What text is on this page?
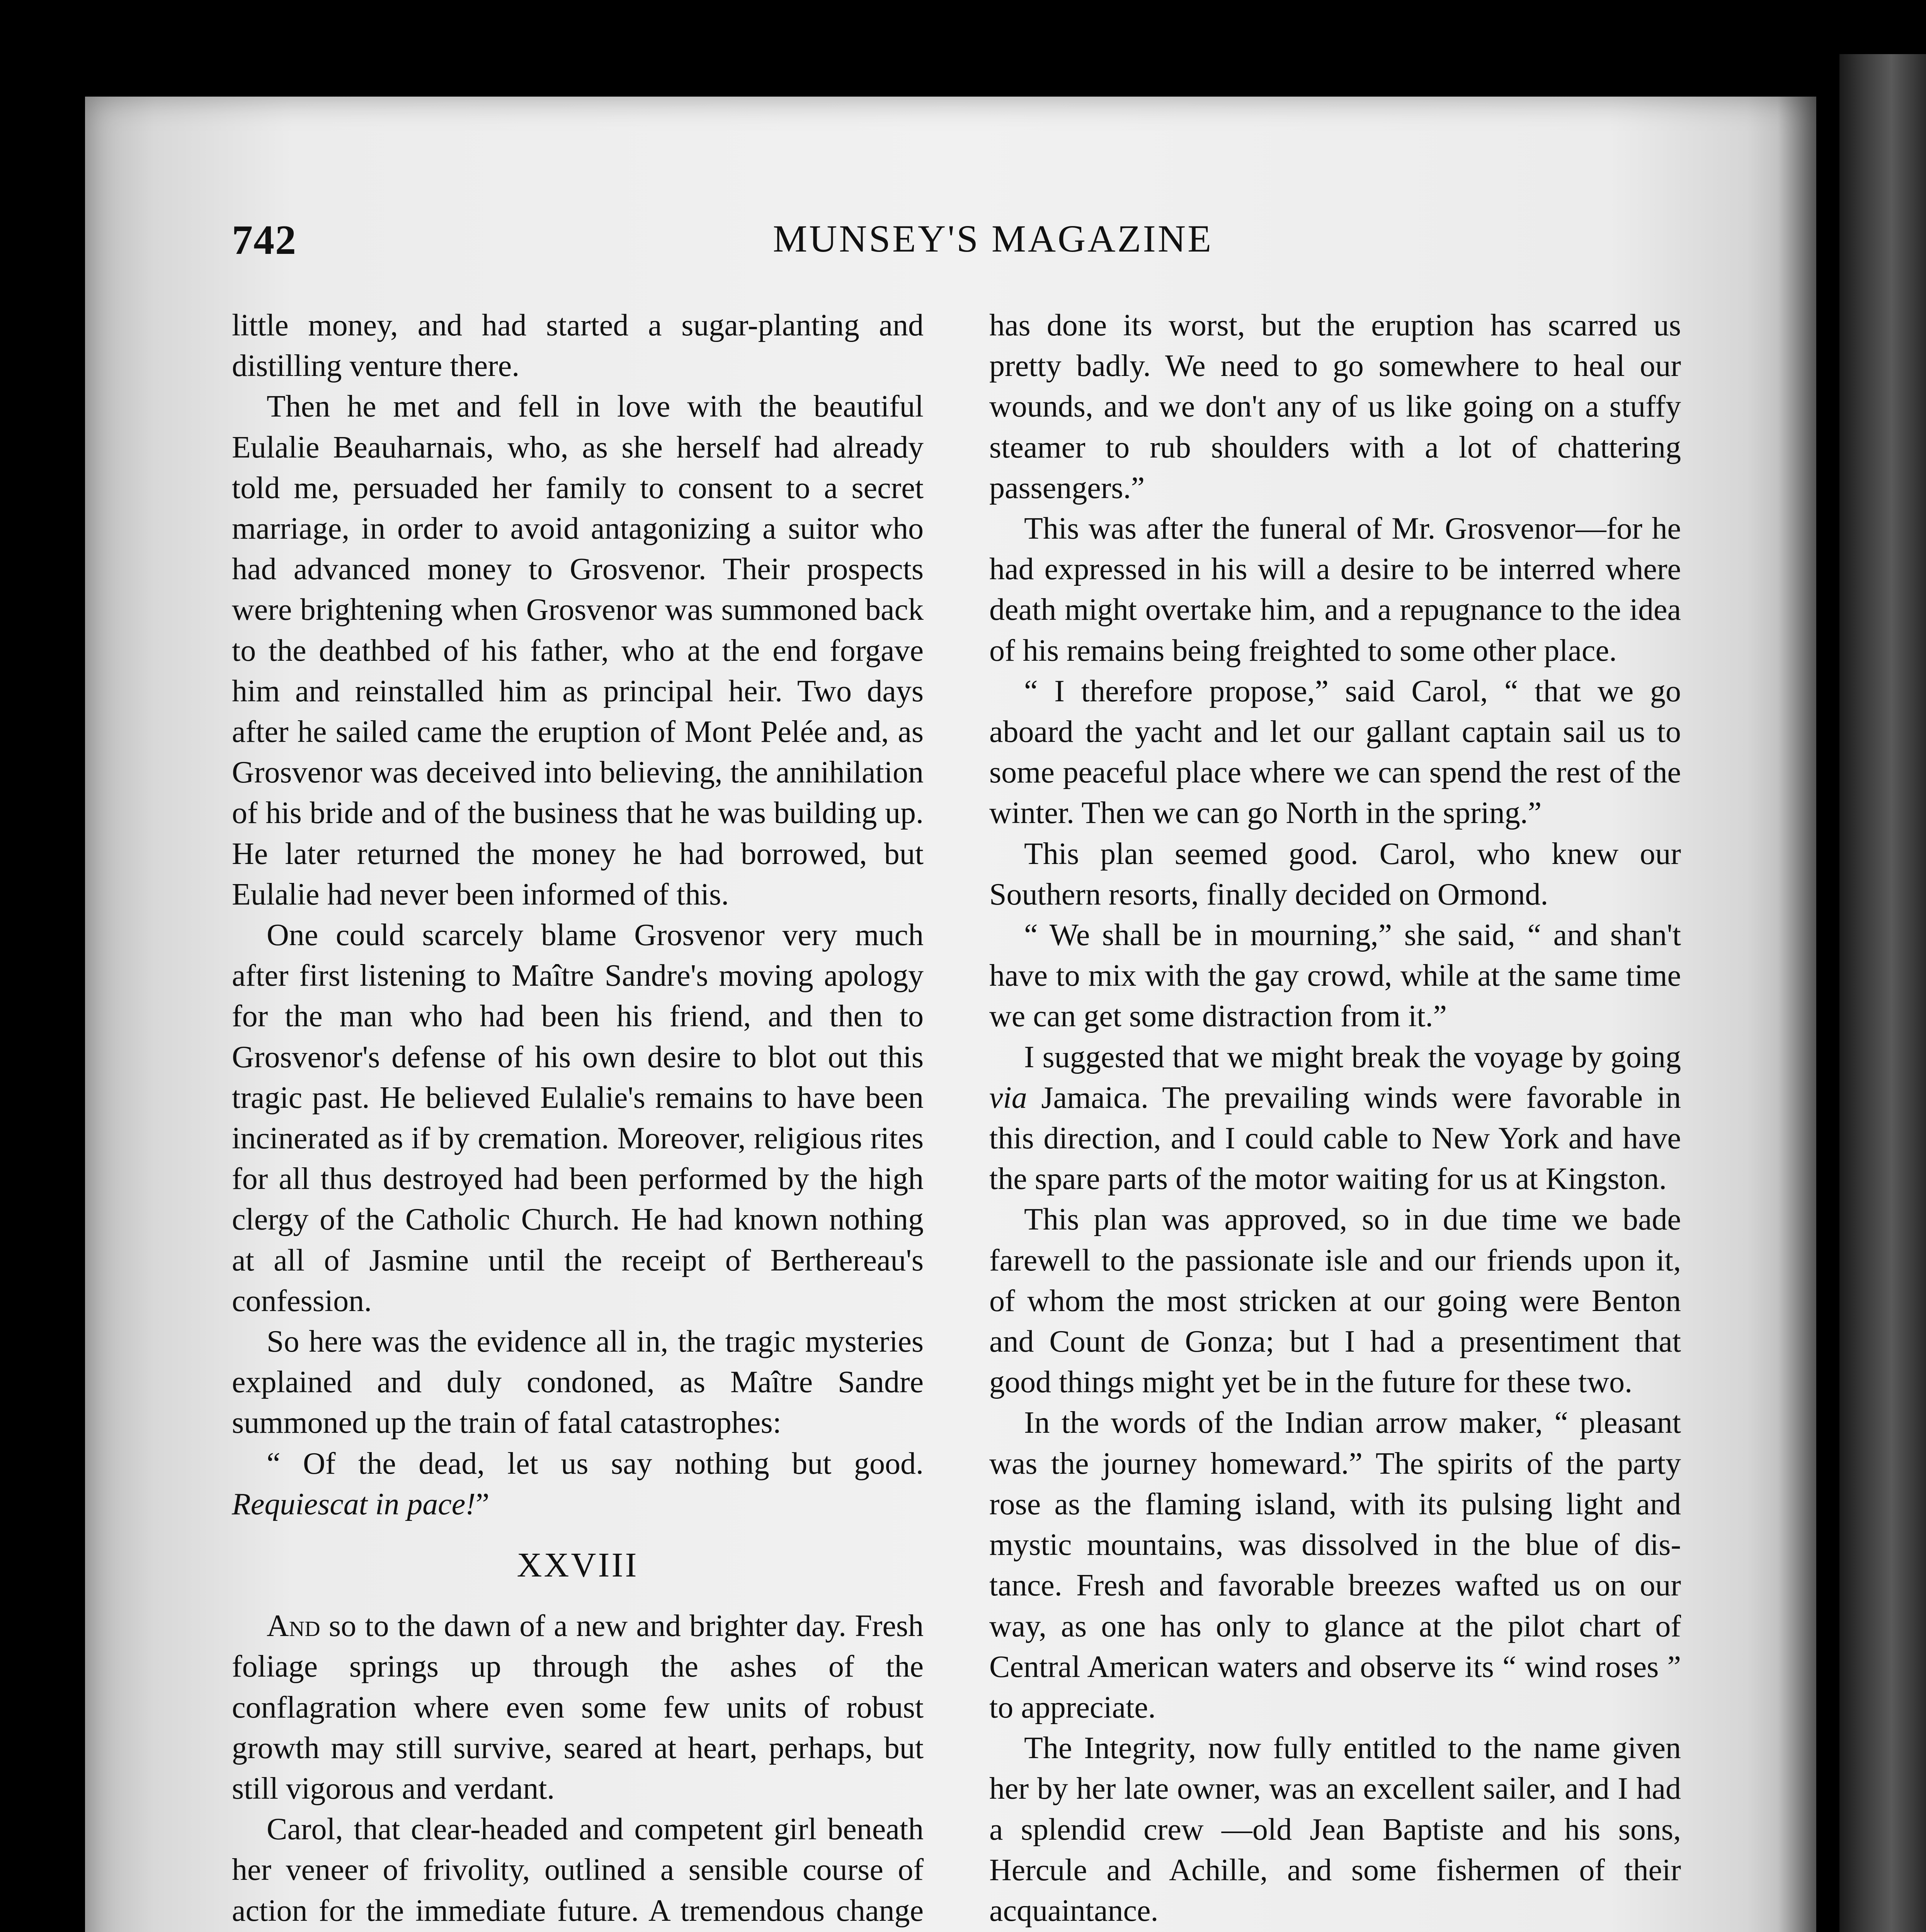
742	MUNSEY'S MAGAZINE

little money, and had started a sugar-planting and distilling venture there.

Then he met and fell in love with the beautiful Eulalie Beauharnais, who, as she herself had already told me, persuaded her family to consent to a secret marriage, in order to avoid antagonizing a suitor who had advanced money to Grosvenor. Their prospects were brightening when Grosvenor was summoned back to the deathbed of his father, who at the end forgave him and reinstalled him as principal heir. Two days after he sailed came the eruption of Mont Pelée and, as Grosvenor was deceived into believing, the annihilation of his bride and of the business that he was building up. He later returned the money he had borrowed, but Eulalie had never been informed of this.

One could scarcely blame Grosvenor very much after first listening to Maître Sandre's moving apology for the man who had been his friend, and then to Grosvenor's defense of his own desire to blot out this tragic past. He believed Eulalie's remains to have been incinerated as if by cremation. Moreover, religious rites for all thus destroyed had been performed by the high clergy of the Catholic Church. He had known nothing at all of Jasmine until the receipt of Berthereau's confession.

So here was the evidence all in, the tragic mysteries explained and duly condoned, as Maître Sandre summoned up the train of fatal catastrophes:

“ Of the dead, let us say nothing but good. Requiescat in pace!”

XXVIII

And so to the dawn of a new and brighter day. Fresh foliage springs up through the ashes of the conflagration where even some few units of robust growth may still survive, seared at heart, perhaps, but still vigorous and verdant.

Carol, that clear-headed and competent girl beneath her veneer of frivolity, outlined a sensible course of action for the immediate future. A tremendous change

has done its worst, but the eruption has scarred us pretty badly. We need to go somewhere to heal our wounds, and we don't any of us like going on a stuffy steamer to rub shoulders with a lot of chattering passengers.”

This was after the funeral of Mr. Grosvenor—for he had expressed in his will a desire to be interred where death might overtake him, and a repugnance to the idea of his remains being freighted to some other place.

“ I therefore propose,” said Carol, “ that we go aboard the yacht and let our gallant captain sail us to some peaceful place where we can spend the rest of the winter. Then we can go North in the spring.”

This plan seemed good. Carol, who knew our Southern resorts, finally decided on Ormond.

“ We shall be in mourning,” she said, “ and shan't have to mix with the gay crowd, while at the same time we can get some distraction from it.”

I suggested that we might break the voyage by going via Jamaica. The prevailing winds were favorable in this direction, and I could cable to New York and have the spare parts of the motor waiting for us at Kingston.

This plan was approved, so in due time we bade farewell to the passionate isle and our friends upon it, of whom the most stricken at our going were Benton and Count de Gonza; but I had a presentiment that good things might yet be in the future for these two.

In the words of the Indian arrow maker, “ pleasant was the journey homeward.” The spirits of the party rose as the flaming island, with its pulsing light and mystic mountains, was dissolved in the blue of distance. Fresh and favorable breezes wafted us on our way, as one has only to glance at the pilot chart of Central American waters and observe its “ wind roses ” to appreciate.

The Integrity, now fully entitled to the name given her by her late owner, was an excellent sailer, and I had a splendid crew —old Jean Baptiste and his sons, Hercule and Achille, and some fishermen of their acquaintance.
